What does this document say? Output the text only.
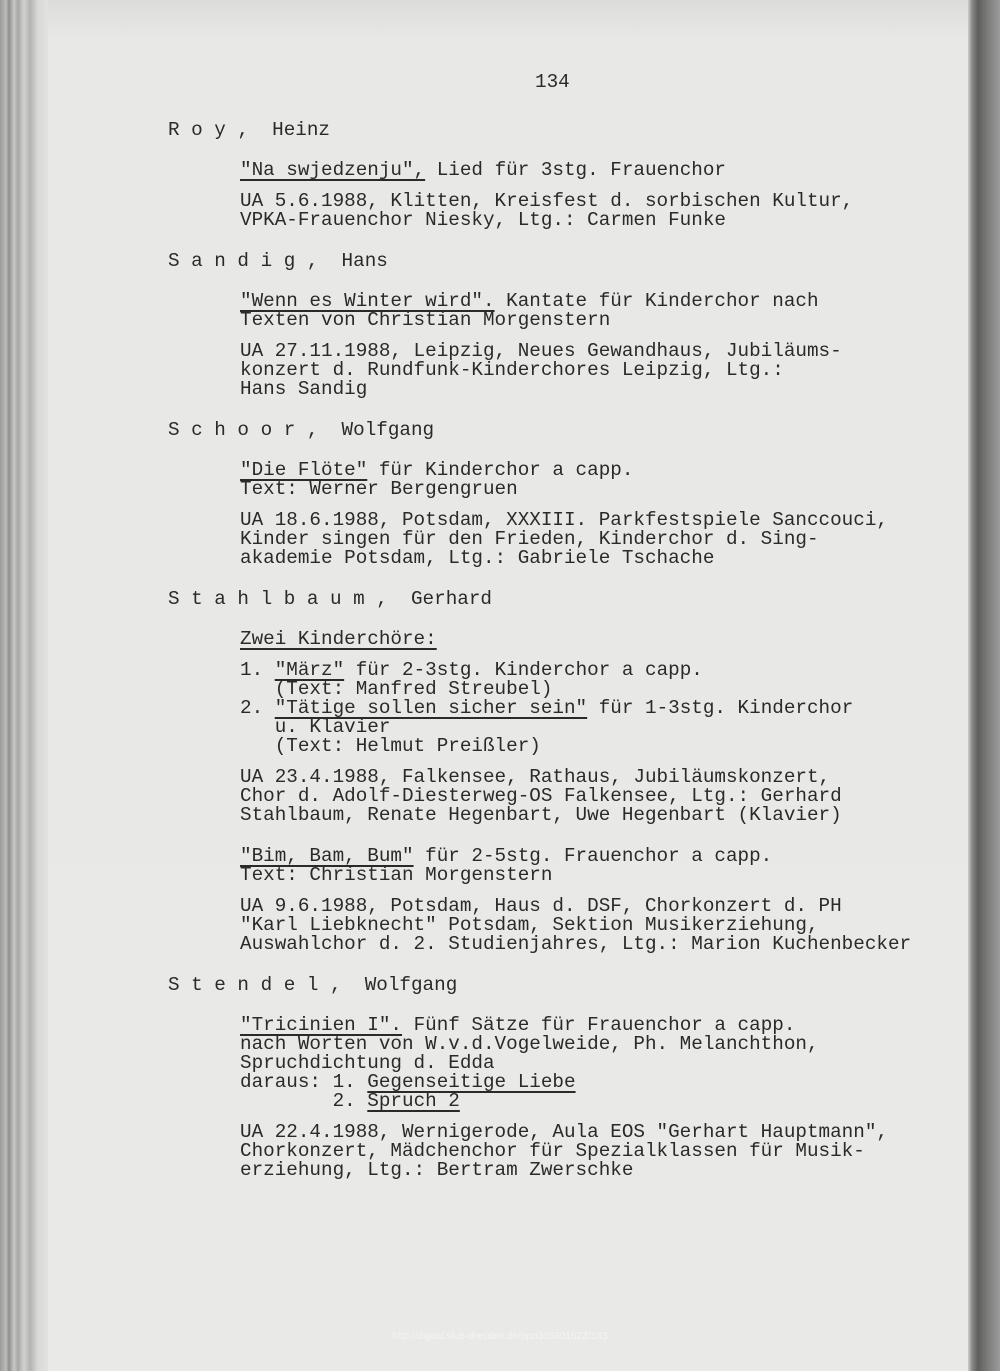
134
R o y ,  Heinz
"Na swjedzenju", Lied für 3stg. Frauenchor
UA 5.6.1988, Klitten, Kreisfest d. sorbischen Kultur,
VPKA-Frauenchor Niesky, Ltg.: Carmen Funke
S a n d i g ,  Hans
"Wenn es Winter wird". Kantate für Kinderchor nach
Texten von Christian Morgenstern
UA 27.11.1988, Leipzig, Neues Gewandhaus, Jubiläums-
konzert d. Rundfunk-Kinderchores Leipzig, Ltg.:
Hans Sandig
S c h o o r ,  Wolfgang
"Die Flöte" für Kinderchor a capp.
Text: Werner Bergengruen
UA 18.6.1988, Potsdam, XXXIII. Parkfestspiele Sanccouci,
Kinder singen für den Frieden, Kinderchor d. Sing-
akademie Potsdam, Ltg.: Gabriele Tschache
S t a h l b a u m ,  Gerhard
Zwei Kinderchöre:
1. "März" für 2-3stg. Kinderchor a capp.
(Text: Manfred Streubel)
2. "Tätige sollen sicher sein" für 1-3stg. Kinderchor
u. Klavier
(Text: Helmut Preißler)
UA 23.4.1988, Falkensee, Rathaus, Jubiläumskonzert,
Chor d. Adolf-Diesterweg-OS Falkensee, Ltg.: Gerhard
Stahlbaum, Renate Hegenbart, Uwe Hegenbart (Klavier)
"Bim, Bam, Bum" für 2-5stg. Frauenchor a capp.
Text: Christian Morgenstern
UA 9.6.1988, Potsdam, Haus d. DSF, Chorkonzert d. PH
"Karl Liebknecht" Potsdam, Sektion Musikerziehung,
Auswahlchor d. 2. Studienjahres, Ltg.: Marion Kuchenbecker
S t e n d e l ,  Wolfgang
"Tricinien I". Fünf Sätze für Frauenchor a capp.
nach Worten von W.v.d.Vogelweide, Ph. Melanchthon,
Spruchdichtung d. Edda
daraus: 1. Gegenseitige Liebe
2. Spruch 2
UA 22.4.1988, Wernigerode, Aula EOS "Gerhart Hauptmann",
Chorkonzert, Mädchenchor für Spezialklassen für Musik-
erziehung, Ltg.: Bertram Zwerschke
http://digital.slub-dresden.de/ppn30580162Z/143
